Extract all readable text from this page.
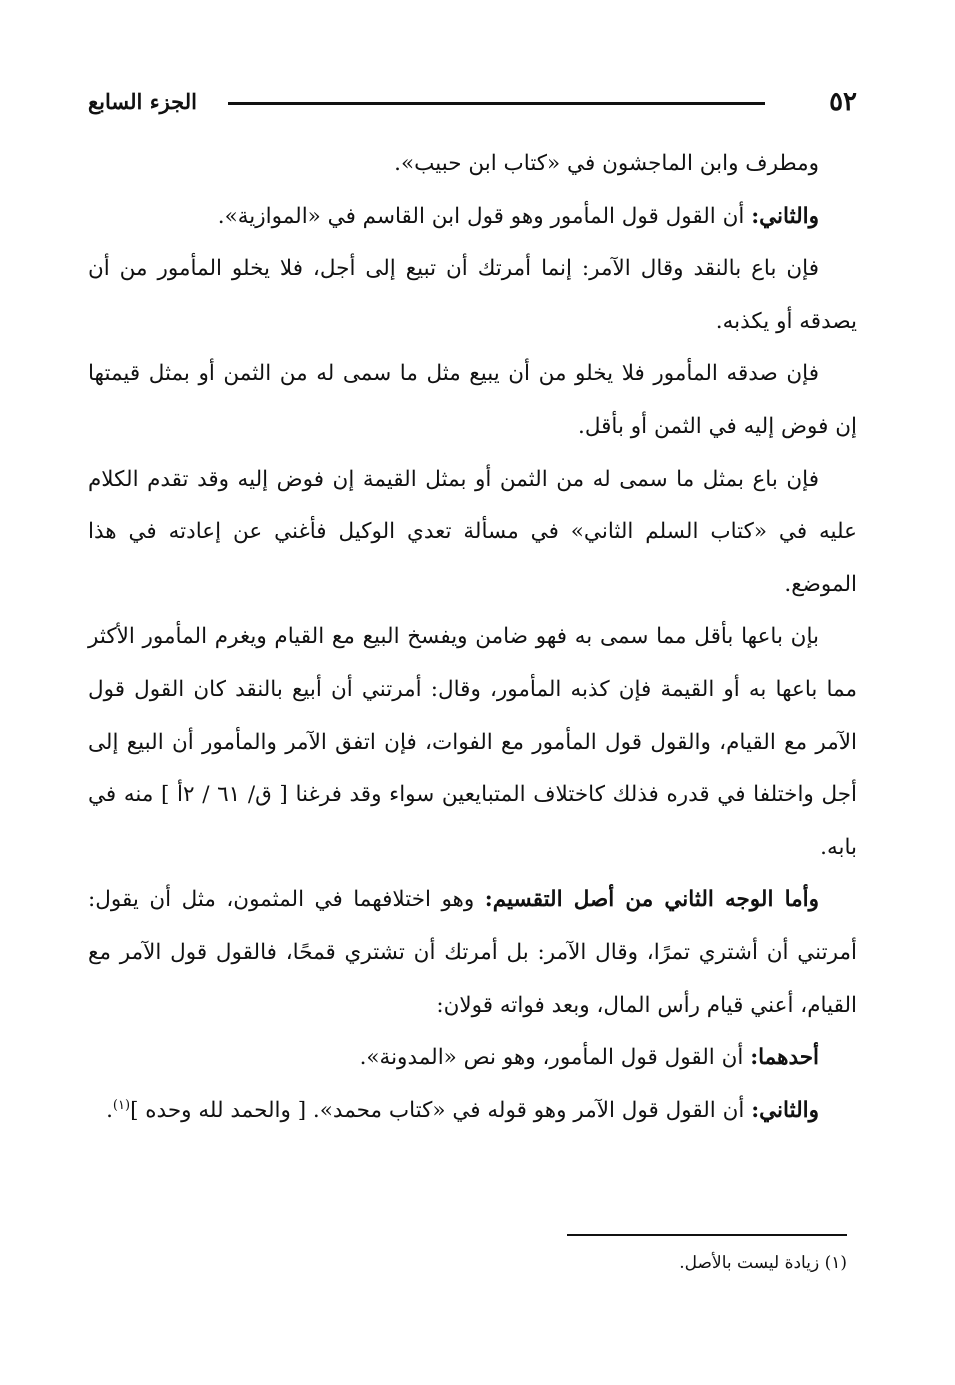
٥٢
الجزء السابع

ومطرف وابن الماجشون في «كتاب ابن حبيب».

والثاني: أن القول قول المأمور وهو قول ابن القاسم في «الموازية».

فإن باع بالنقد وقال الآمر: إنما أمرتك أن تبيع إلى أجل، فلا يخلو المأمور من أن يصدقه أو يكذبه.

فإن صدقه المأمور فلا يخلو من أن يبيع مثل ما سمى له من الثمن أو بمثل قيمتها إن فوض إليه في الثمن أو بأقل.

فإن باع بمثل ما سمى له من الثمن أو بمثل القيمة إن فوض إليه وقد تقدم الكلام عليه في «كتاب السلم الثاني» في مسألة تعدي الوكيل فأغني عن إعادته في هذا الموضع.

بإن باعها بأقل مما سمى به فهو ضامن ويفسخ البيع مع القيام ويغرم المأمور الأكثر مما باعها به أو القيمة فإن كذبه المأمور، وقال: أمرتني أن أبيع بالنقد كان القول قول الآمر مع القيام، والقول قول المأمور مع الفوات، فإن اتفق الآمر والمأمور أن البيع إلى أجل واختلفا في قدره فذلك كاختلاف المتبايعين سواء وقد فرغنا [ ق/ ٦١ / ٢أ ] منه في بابه.

وأما الوجه الثاني من أصل التقسيم: وهو اختلافهما في المثمون، مثل أن يقول: أمرتني أن أشتري تمرًا، وقال الآمر: بل أمرتك أن تشتري قمحًا، فالقول قول الآمر مع القيام، أعني قيام رأس المال، وبعد فواته قولان:

أحدهما: أن القول قول المأمور، وهو نص «المدونة».

والثاني: أن القول قول الآمر وهو قوله في «كتاب محمد». [ والحمد لله وحده ]$^{(١)}$.

(١) زيادة ليست بالأصل.
